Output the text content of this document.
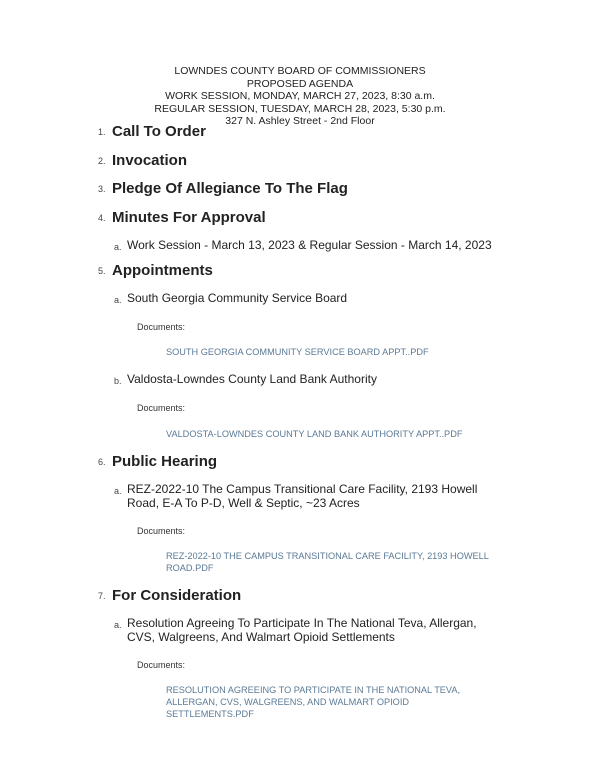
LOWNDES COUNTY BOARD OF COMMISSIONERS
PROPOSED AGENDA
WORK SESSION, MONDAY, MARCH 27, 2023, 8:30 a.m.
REGULAR SESSION, TUESDAY, MARCH 28, 2023, 5:30 p.m.
327 N. Ashley Street - 2nd Floor
1. Call To Order
2. Invocation
3. Pledge Of Allegiance To The Flag
4. Minutes For Approval
a. Work Session - March 13, 2023 & Regular Session - March 14, 2023
5. Appointments
a. South Georgia Community Service Board
Documents:
SOUTH GEORGIA COMMUNITY SERVICE BOARD APPT..PDF
b. Valdosta-Lowndes County Land Bank Authority
Documents:
VALDOSTA-LOWNDES COUNTY LAND BANK AUTHORITY APPT..PDF
6. Public Hearing
a. REZ-2022-10 The Campus Transitional Care Facility, 2193 Howell Road, E-A To P-D, Well & Septic, ~23 Acres
Documents:
REZ-2022-10 THE CAMPUS TRANSITIONAL CARE FACILITY, 2193 HOWELL ROAD.PDF
7. For Consideration
a. Resolution Agreeing To Participate In The National Teva, Allergan, CVS, Walgreens, And Walmart Opioid Settlements
Documents:
RESOLUTION AGREEING TO PARTICIPATE IN THE NATIONAL TEVA, ALLERGAN, CVS, WALGREENS, AND WALMART OPIOID SETTLEMENTS.PDF
